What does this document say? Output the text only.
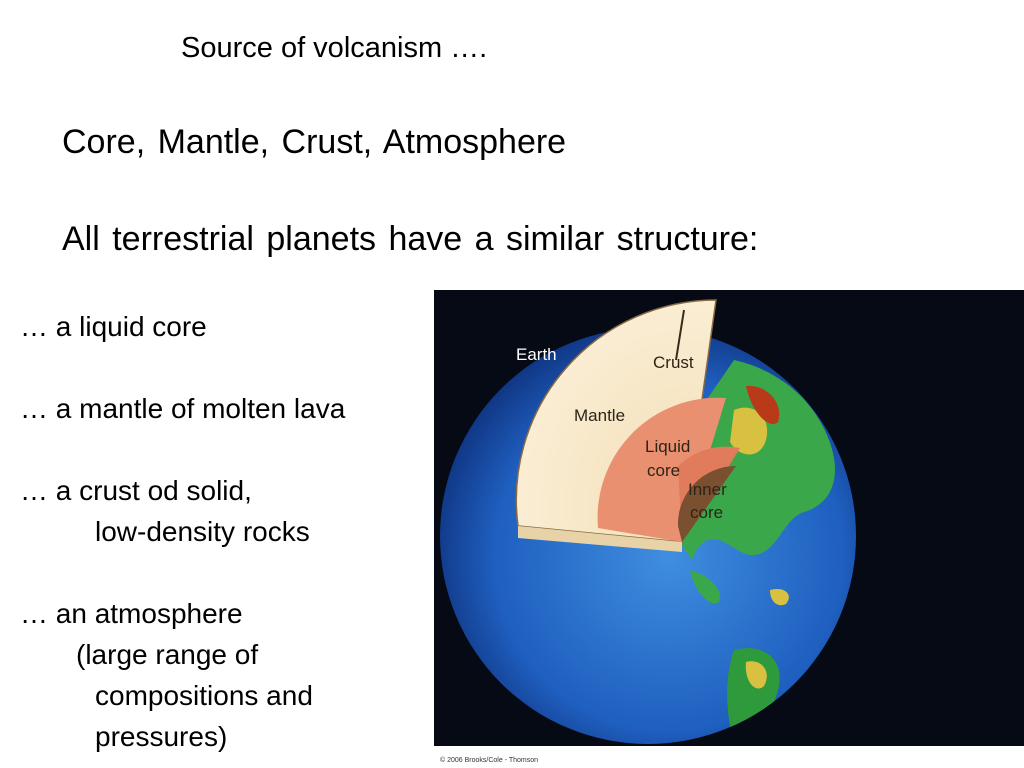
Source of volcanism ….
Core, Mantle, Crust, Atmosphere
All terrestrial planets have a similar structure:
… a liquid core
… a mantle of molten lava
… a crust od solid,
low-density rocks
… an atmosphere
(large range of
compositions and
pressures)
Earth	Crust
Mantle
Liquid
core
Inner
core
© 2006 Brooks/Cole - Thomson
